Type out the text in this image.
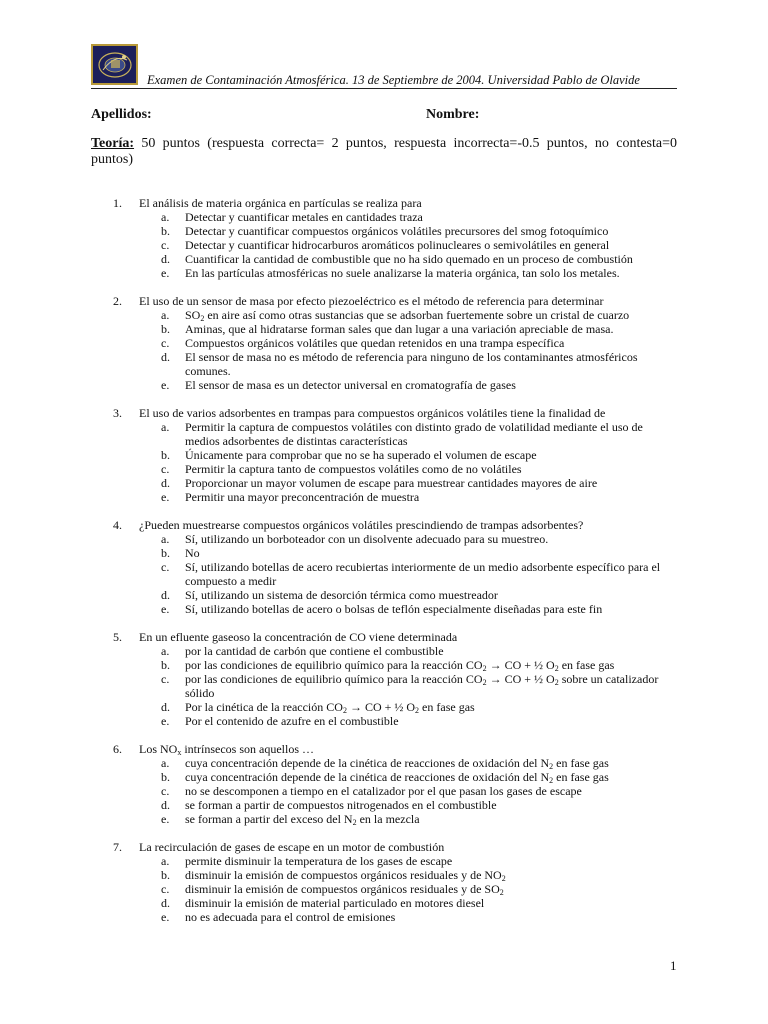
Examen de Contaminación Atmosférica. 13 de Septiembre de 2004. Universidad Pablo de Olavide
Apellidos:	Nombre:
Teoría: 50 puntos (respuesta correcta= 2 puntos, respuesta incorrecta=-0.5 puntos, no contesta=0 puntos)
1. El análisis de materia orgánica en partículas se realiza para
a. Detectar y cuantificar metales en cantidades traza
b. Detectar y cuantificar compuestos orgánicos volátiles precursores del smog fotoquímico
c. Detectar y cuantificar hidrocarburos aromáticos polinucleares o semivolátiles en general
d. Cuantificar la cantidad de combustible que no ha sido quemado en un proceso de combustión
e. En las partículas atmosféricas no suele analizarse la materia orgánica, tan solo los metales.
2. El uso de un sensor de masa por efecto piezoeléctrico es el método de referencia para determinar
a. $SO_2$ en aire así como otras sustancias que se adsorban fuertemente sobre un cristal de cuarzo
b. Aminas, que al hidratarse forman sales que dan lugar a una variación apreciable de masa.
c. Compuestos orgánicos volátiles que quedan retenidos en una trampa específica
d. El sensor de masa no es método de referencia para ninguno de los contaminantes atmosféricos comunes.
e. El sensor de masa es un detector universal en cromatografía de gases
3. El uso de varios adsorbentes en trampas para compuestos orgánicos volátiles tiene la finalidad de
a. Permitir la captura de compuestos volátiles con distinto grado de volatilidad mediante el uso de medios adsorbentes de distintas características
b. Únicamente para comprobar que no se ha superado el volumen de escape
c. Permitir la captura tanto de compuestos volátiles como de no volátiles
d. Proporcionar un mayor volumen de escape para muestrear cantidades mayores de aire
e. Permitir una mayor preconcentración de muestra
4. ¿Pueden muestrearse compuestos orgánicos volátiles prescindiendo de trampas adsorbentes?
a. Sí, utilizando un borboteador con un disolvente adecuado para su muestreo.
b. No
c. Sí, utilizando botellas de acero recubiertas interiormente de un medio adsorbente específico para el compuesto a medir
d. Sí, utilizando un sistema de desorción térmica como muestreador
e. Sí, utilizando botellas de acero o bolsas de teflón especialmente diseñadas para este fin
5. En un efluente gaseoso la concentración de CO viene determinada
a. por la cantidad de carbón que contiene el combustible
b. por las condiciones de equilibrio químico para la reacción $CO_2$ → CO + ½ $O_2$ en fase gas
c. por las condiciones de equilibrio químico para la reacción $CO_2$ → CO + ½ $O_2$ sobre un catalizador sólido
d. Por la cinética de la reacción $CO_2$ → CO + ½ $O_2$ en fase gas
e. Por el contenido de azufre en el combustible
6. Los $NO_x$ intrínsecos son aquellos …
a. cuya concentración depende de la cinética de reacciones de oxidación del $N_2$ en fase gas
b. cuya concentración depende de la cinética de reacciones de oxidación del $N_2$ en fase gas
c. no se descomponen a tiempo en el catalizador por el que pasan los gases de escape
d. se forman a partir de compuestos nitrogenados en el combustible
e. se forman a partir del exceso del $N_2$ en la mezcla
7. La recirculación de gases de escape en un motor de combustión
a. permite disminuir la temperatura de los gases de escape
b. disminuir la emisión de compuestos orgánicos residuales y de $NO_2$
c. disminuir la emisión de compuestos orgánicos residuales y de $SO_2$
d. disminuir la emisión de material particulado en motores diesel
e. no es adecuada para el control de emisiones
1
